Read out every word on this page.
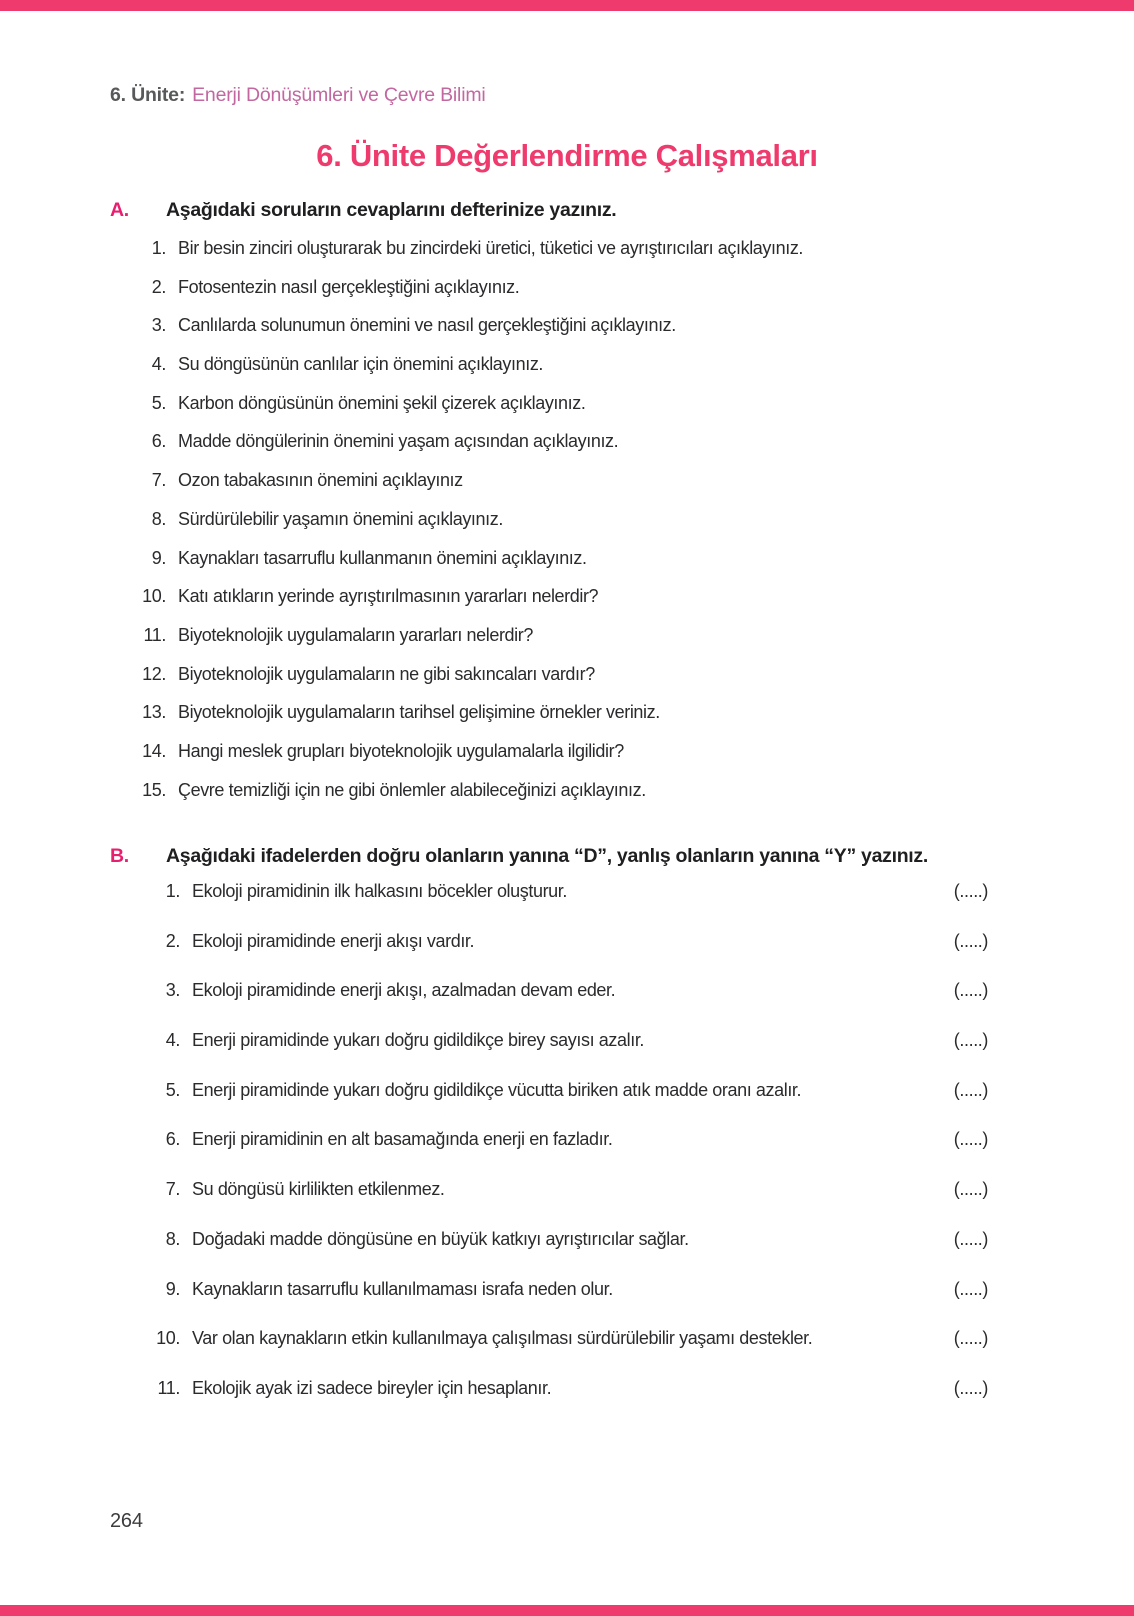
6. Ünite: Enerji Dönüşümleri ve Çevre Bilimi
6. Ünite Değerlendirme Çalışmaları
A.	Aşağıdaki soruların cevaplarını defterinize yazınız.
1. Bir besin zinciri oluşturarak bu zincirdeki üretici, tüketici ve ayrıştırıcıları açıklayınız.
2. Fotosentezin nasıl gerçekleştiğini açıklayınız.
3. Canlılarda solunumun önemini ve nasıl gerçekleştiğini açıklayınız.
4. Su döngüsünün canlılar için önemini açıklayınız.
5. Karbon döngüsünün önemini şekil çizerek açıklayınız.
6. Madde döngülerinin önemini yaşam açısından açıklayınız.
7. Ozon tabakasının önemini açıklayınız
8. Sürdürülebilir yaşamın önemini açıklayınız.
9. Kaynakları tasarruflu kullanmanın önemini açıklayınız.
10. Katı atıkların yerinde ayrıştırılmasının yararları nelerdir?
11. Biyoteknolojik uygulamaların yararları nelerdir?
12. Biyoteknolojik uygulamaların ne gibi sakıncaları vardır?
13. Biyoteknolojik uygulamaların tarihsel gelişimine örnekler veriniz.
14. Hangi meslek grupları biyoteknolojik uygulamalarla ilgilidir?
15. Çevre temizliği için ne gibi önlemler alabileceğinizi açıklayınız.
B.	Aşağıdaki ifadelerden doğru olanların yanına “D”, yanlış olanların yanına “Y” yazınız.
1. Ekoloji piramidinin ilk halkasını böcekler oluşturur.	(.....)
2. Ekoloji piramidinde enerji akışı vardır.	(.....)
3. Ekoloji piramidinde enerji akışı, azalmadan devam eder.	(.....)
4. Enerji piramidinde yukarı doğru gidildikçe birey sayısı azalır.	(.....)
5. Enerji piramidinde yukarı doğru gidildikçe vücutta biriken atık madde oranı azalır.	(.....)
6. Enerji piramidinin en alt basamağında enerji en fazladır.	(.....)
7. Su döngüsü kirlilikten etkilenmez.	(.....)
8. Doğadaki madde döngüsüne en büyük katkıyı ayrıştırıcılar sağlar.	(.....)
9. Kaynakların tasarruflu kullanılmaması israfa neden olur.	(.....)
10. Var olan kaynakların etkin kullanılmaya çalışılması sürdürülebilir yaşamı destekler.	(.....)
11. Ekolojik ayak izi sadece bireyler için hesaplanır.	(.....)
264
